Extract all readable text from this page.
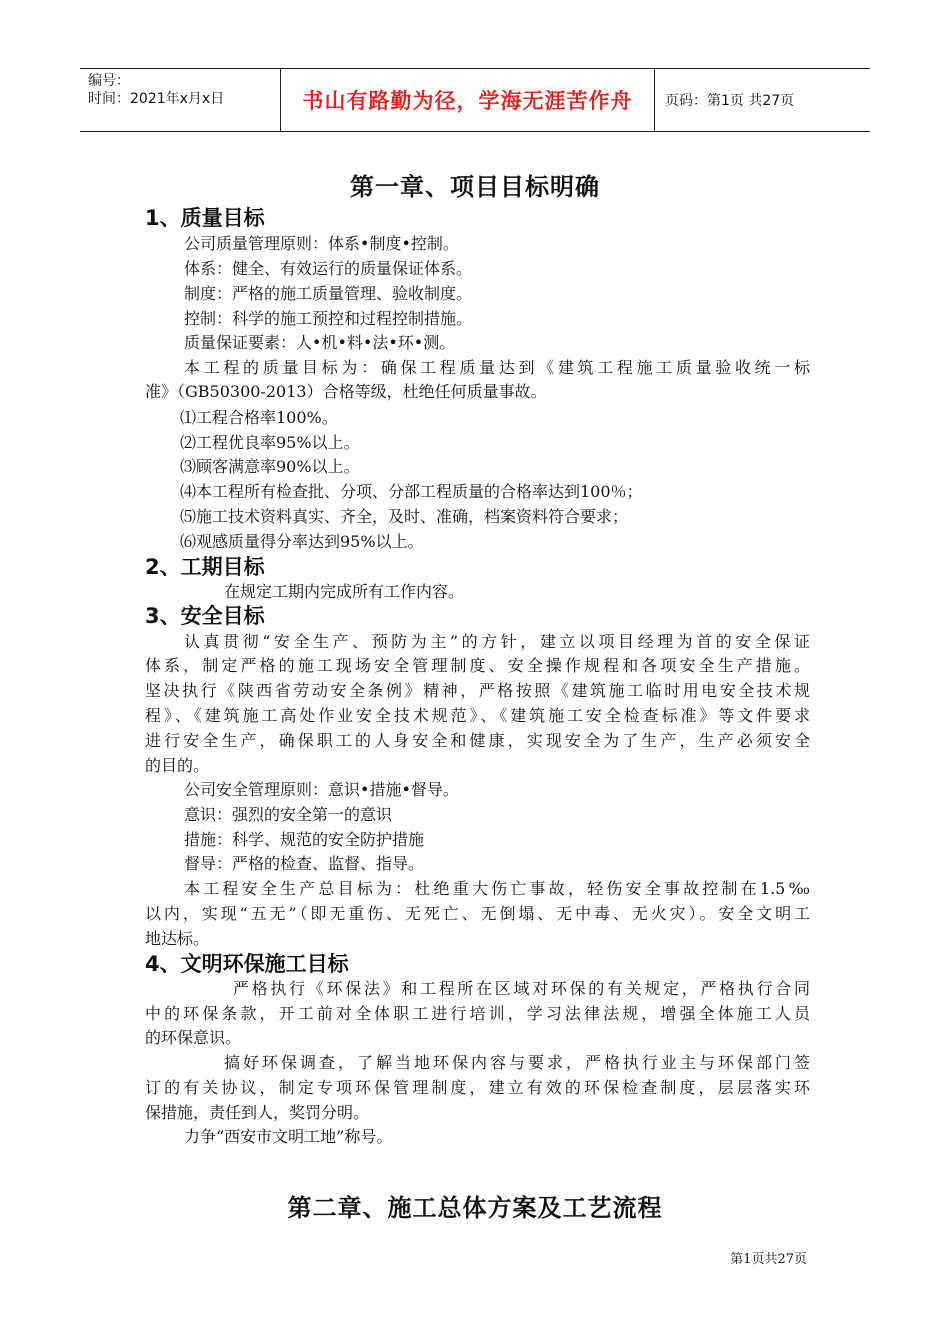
编号：
时间：2021年x月x日	书山有路勤为径，学海无涯苦作舟	页码：第1页 共27页
第一章、项目目标明确
1、质量目标
公司质量管理原则：体系•制度•控制。
体系：健全、有效运行的质量保证体系。
制度：严格的施工质量管理、验收制度。
控制：科学的施工预控和过程控制措施。
质量保证要素：人•机•料•法•环•测。
本工程的质量目标为：确保工程质量达到《建筑工程施工质量验收统一标
准》（GB50300-2013）合格等级，杜绝任何质量事故。
⑴工程合格率100%。
⑵工程优良率95%以上。
⑶顾客满意率90%以上。
⑷本工程所有检查批、分项、分部工程质量的合格率达到100％；
⑸施工技术资料真实、齐全，及时、准确，档案资料符合要求；
⑹观感质量得分率达到95%以上。
2、工期目标
在规定工期内完成所有工作内容。
3、安全目标
认真贯彻“安全生产、预防为主”的方针，建立以项目经理为首的安全保证
体系，制定严格的施工现场安全管理制度、安全操作规程和各项安全生产措施。
坚决执行《陕西省劳动安全条例》精神，严格按照《建筑施工临时用电安全技术规
程》、《建筑施工高处作业安全技术规范》、《建筑施工安全检查标准》等文件要求
进行安全生产，确保职工的人身安全和健康，实现安全为了生产，生产必须安全
的目的。
公司安全管理原则：意识•措施•督导。
意识：强烈的安全第一的意识
措施：科学、规范的安全防护措施
督导：严格的检查、监督、指导。
本工程安全生产总目标为：杜绝重大伤亡事故，轻伤安全事故控制在1.5‰
以内，实现“五无”（即无重伤、无死亡、无倒塌、无中毒、无火灾）。安全文明工
地达标。
4、文明环保施工目标
严格执行《环保法》和工程所在区域对环保的有关规定，严格执行合同
中的环保条款，开工前对全体职工进行培训，学习法律法规，增强全体施工人员
的环保意识。
搞好环保调查，了解当地环保内容与要求，严格执行业主与环保部门签
订的有关协议，制定专项环保管理制度，建立有效的环保检查制度，层层落实环
保措施，责任到人，奖罚分明。
力争“西安市文明工地”称号。
第二章、施工总体方案及工艺流程
第1页共27页
